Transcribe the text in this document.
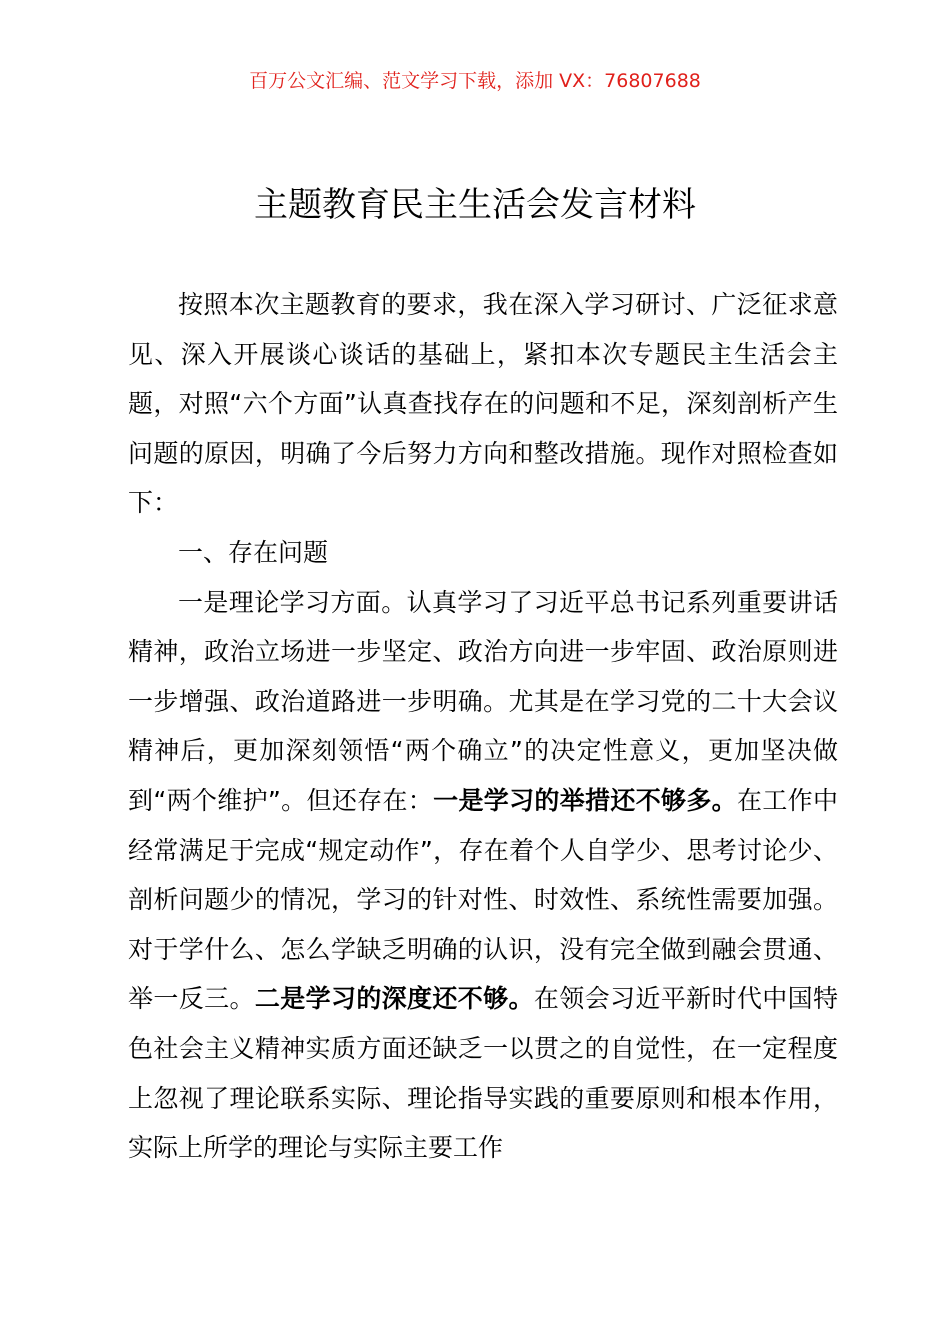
百万公文汇编、范文学习下载，添加 VX：76807688
主题教育民主生活会发言材料

按照本次主题教育的要求，我在深入学习研讨、广泛征求意见、深入开展谈心谈话的基础上，紧扣本次专题民主生活会主题，对照“六个方面”认真查找存在的问题和不足，深刻剖析产生问题的原因，明确了今后努力方向和整改措施。现作对照检查如下：

一、存在问题

一是理论学习方面。认真学习了习近平总书记系列重要讲话精神，政治立场进一步坚定、政治方向进一步牢固、政治原则进一步增强、政治道路进一步明确。尤其是在学习党的二十大会议精神后，更加深刻领悟“两个确立”的决定性意义，更加坚决做到“两个维护”。但还存在：一是学习的举措还不够多。在工作中经常满足于完成“规定动作”，存在着个人自学少、思考讨论少、剖析问题少的情况，学习的针对性、时效性、系统性需要加强。对于学什么、怎么学缺乏明确的认识，没有完全做到融会贯通、举一反三。二是学习的深度还不够。在领会习近平新时代中国特色社会主义精神实质方面还缺乏一以贯之的自觉性，在一定程度上忽视了理论联系实际、理论指导实践的重要原则和根本作用，实际上所学的理论与实际主要工作
